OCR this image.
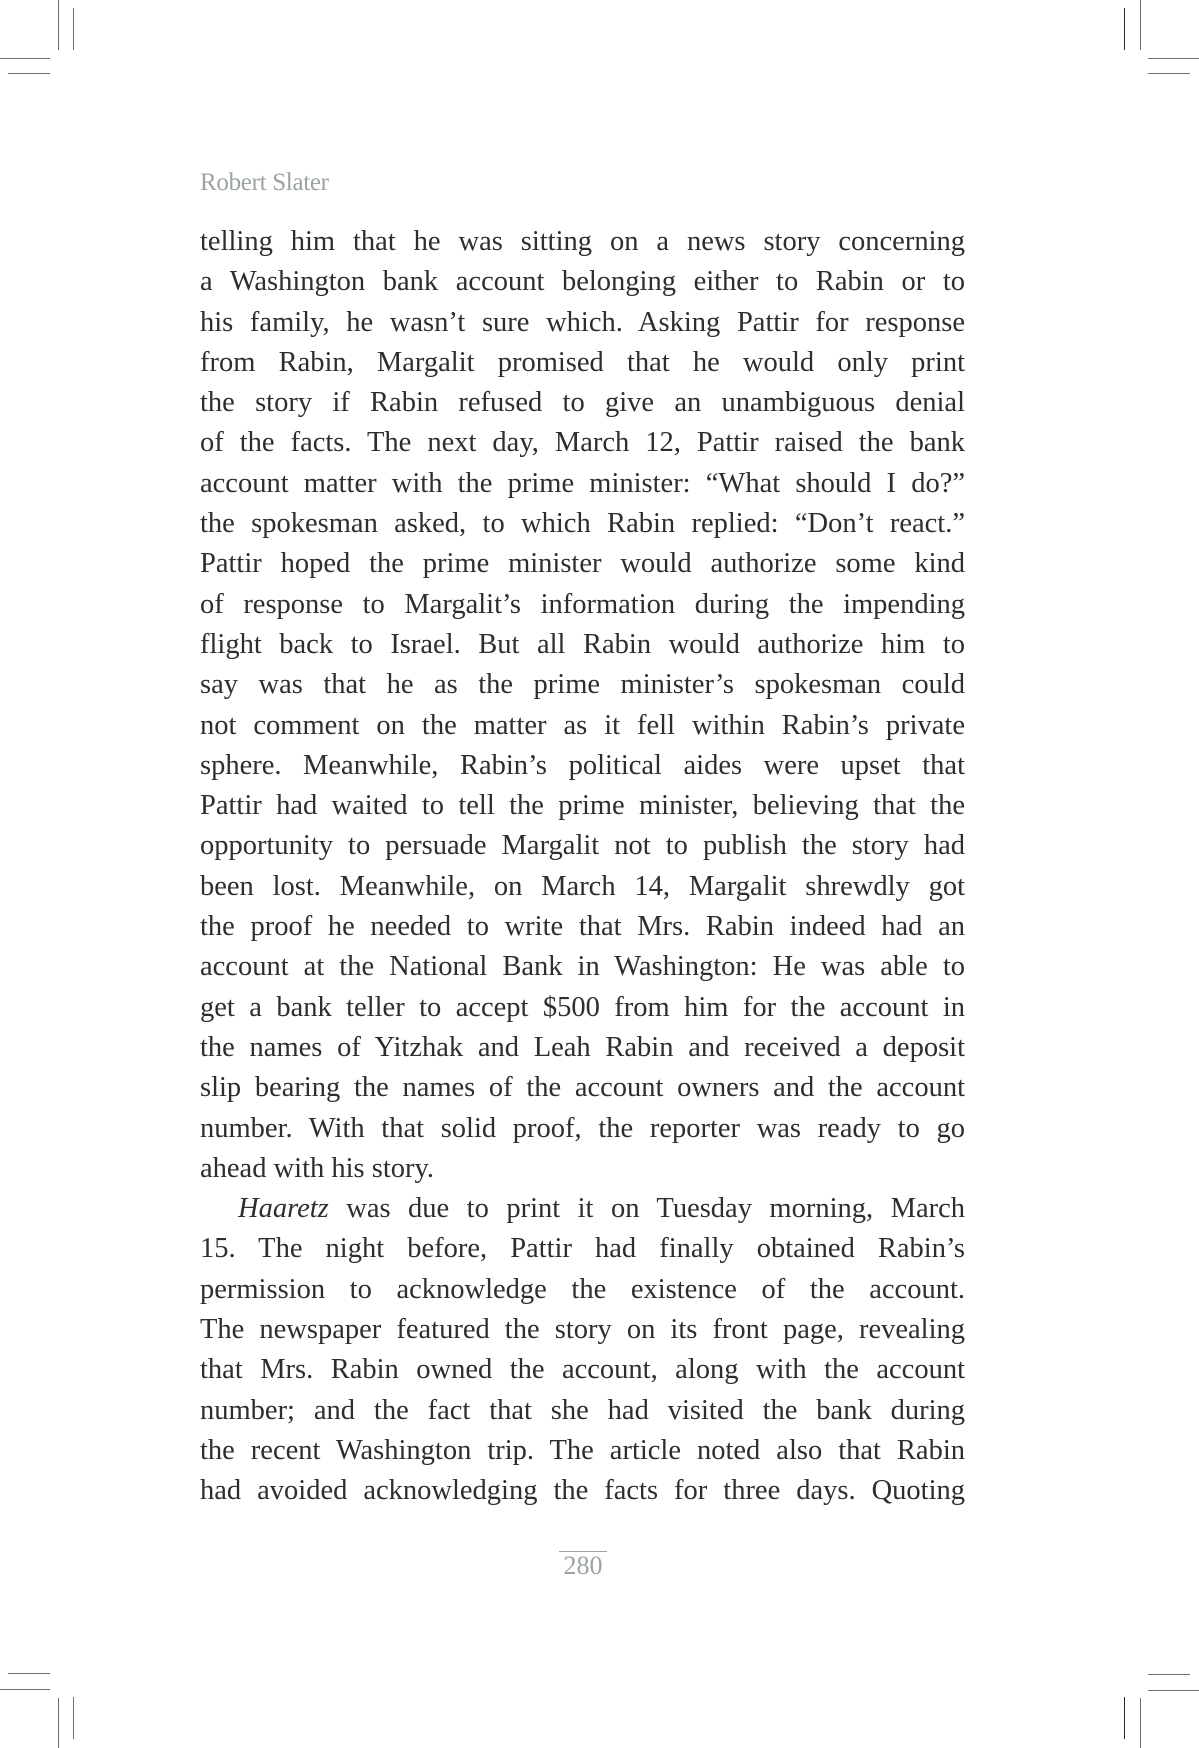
Robert Slater
telling him that he was sitting on a news story concerning
a Washington bank account belonging either to Rabin or to
his family, he wasn’t sure which. Asking Pattir for response
from Rabin, Margalit promised that he would only print
the story if Rabin refused to give an unambiguous denial
of the facts. The next day, March 12, Pattir raised the bank
account matter with the prime minister: “What should I do?”
the spokesman asked, to which Rabin replied: “Don’t react.”
Pattir hoped the prime minister would authorize some kind
of response to Margalit’s information during the impending
flight back to Israel. But all Rabin would authorize him to
say was that he as the prime minister’s spokesman could
not comment on the matter as it fell within Rabin’s private
sphere. Meanwhile, Rabin’s political aides were upset that
Pattir had waited to tell the prime minister, believing that the
opportunity to persuade Margalit not to publish the story had
been lost. Meanwhile, on March 14, Margalit shrewdly got
the proof he needed to write that Mrs. Rabin indeed had an
account at the National Bank in Washington: He was able to
get a bank teller to accept $500 from him for the account in
the names of Yitzhak and Leah Rabin and received a deposit
slip bearing the names of the account owners and the account
number. With that solid proof, the reporter was ready to go
ahead with his story.
Haaretz was due to print it on Tuesday morning, March
15. The night before, Pattir had finally obtained Rabin’s
permission to acknowledge the existence of the account.
The newspaper featured the story on its front page, revealing
that Mrs. Rabin owned the account, along with the account
number; and the fact that she had visited the bank during
the recent Washington trip. The article noted also that Rabin
had avoided acknowledging the facts for three days. Quoting
280
